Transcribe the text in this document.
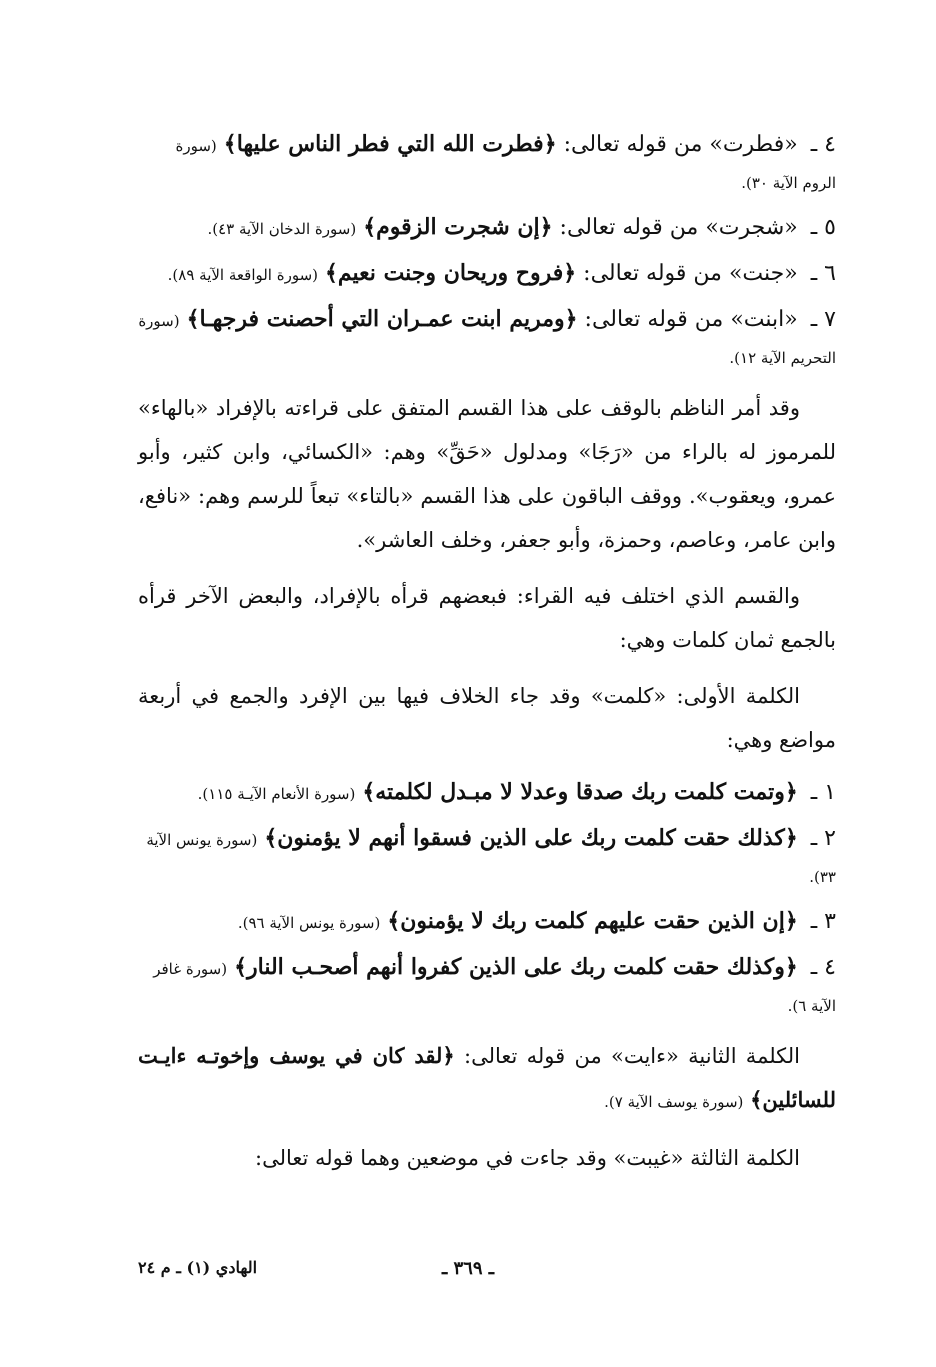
٤ ـ «فطرت» من قوله تعالى: ﴿فطرت الله التي فطر الناس عليها﴾ (سورة الروم الآية ٣٠).
٥ ـ «شجرت» من قوله تعالى: ﴿إن شجرت الزقوم﴾ (سورة الدخان الآية ٤٣).
٦ ـ «جنت» من قوله تعالى: ﴿فروح وريحان وجنت نعيم﴾ (سورة الواقعة الآية ٨٩).
٧ ـ «ابنت» من قوله تعالى: ﴿ومريم ابنت عمـران التي أحصنت فرجهـا﴾ (سورة التحريم الآية ١٢).

وقد أمر الناظم بالوقف على هذا القسم المتفق على قراءته بالإفراد «بالهاء» للمرموز له بالراء من «رَجَا» ومدلول «حَقِّ» وهم: «الكسائي، وابن كثير، وأبو عمرو، ويعقوب». ووقف الباقون على هذا القسم «بالتاء» تبعاً للرسم وهم: «نافع، وابن عامر، وعاصم، وحمزة، وأبو جعفر، وخلف العاشر».

والقسم الذي اختلف فيه القراء: فبعضهم قرأه بالإفراد، والبعض الآخر قرأه بالجمع ثمان كلمات وهي:

الكلمة الأولى: «كلمت» وقد جاء الخلاف فيها بين الإفرد والجمع في أربعة مواضع وهي:

١ ـ ﴿وتمت كلمت ربك صدقا وعدلا لا مبـدل لكلمته﴾ (سورة الأنعام الآيـة ١١٥).
٢ ـ ﴿كذلك حقت كلمت ربك على الذين فسقوا أنهم لا يؤمنون﴾ (سورة يونس الآية ٣٣).
٣ ـ ﴿إن الذين حقت عليهم كلمت ربك لا يؤمنون﴾ (سورة يونس الآية ٩٦).
٤ ـ ﴿وكذلك حقت كلمت ربك على الذين كفروا أنهم أصحـب النار﴾ (سورة غافر الآية ٦).

الكلمة الثانية «ءايت» من قوله تعالى: ﴿لقد كان في يوسف وإخوتـه ءايـت للسائلين﴾ (سورة يوسف الآية ٧).

الكلمة الثالثة «غيبت» وقد جاءت في موضعين وهما قوله تعالى:

ـ ٣٦٩ ـ
الهادي (١) ـ م ٢٤
